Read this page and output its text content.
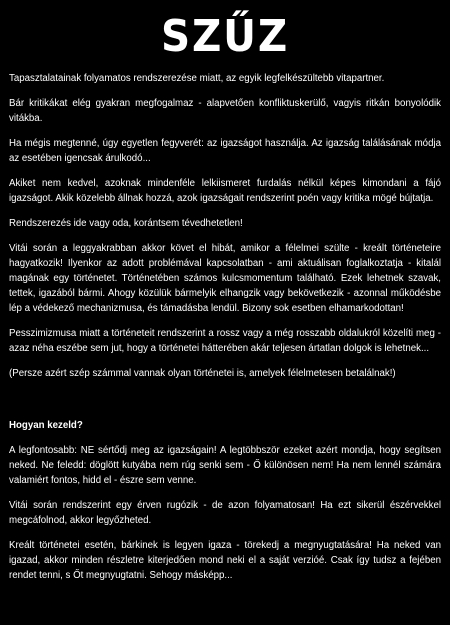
SZŰZ

Tapasztalatainak folyamatos rendszerezése miatt, az egyik legfelkészültebb vitapartner.

Bár kritikákat elég gyakran megfogalmaz - alapvetően konfliktuskerülő, vagyis ritkán bonyolódik vitákba.

Ha mégis megtenné, úgy egyetlen fegyverét: az igazságot használja. Az igazság találásának módja az esetében igencsak árulkodó...

Akiket nem kedvel, azoknak mindenféle lelkiismeret furdalás nélkül képes kimondani a fájó igazságot. Akik közelebb állnak hozzá, azok igazságait rendszerint poén vagy kritika mögé bújtatja.

Rendszerezés ide vagy oda, korántsem tévedhetetlen!

Vitái során a leggyakrabban akkor követ el hibát, amikor a félelmei szülte - kreált történeteire hagyatkozik! Ilyenkor az adott problémával kapcsolatban - ami aktuálisan foglalkoztatja - kitalál magának egy történetet. Történetében számos kulcsmomentum található. Ezek lehetnek szavak, tettek, igazából bármi. Ahogy közülük bármelyik elhangzik vagy bekövetkezik - azonnal működésbe lép a védekező mechanizmusa, és támadásba lendül. Bizony sok esetben elhamarkodottan!

Pesszimizmusa miatt a történeteit rendszerint a rossz vagy a még rosszabb oldalukról közelíti meg - azaz néha eszébe sem jut, hogy a történetei hátterében akár teljesen ártatlan dolgok is lehetnek...

(Persze azért szép számmal vannak olyan történetei is, amelyek félelmetesen betalálnak!)

Hogyan kezeld?

A legfontosabb: NE sértődj meg az igazságain! A legtöbbször ezeket azért mondja, hogy segítsen neked. Ne feledd: döglött kutyába nem rúg senki sem - Ő különösen nem! Ha nem lennél számára valamiért fontos, hidd el - észre sem venne.

Vitái során rendszerint egy érven rugózik - de azon folyamatosan! Ha ezt sikerül észérvekkel megcáfolnod, akkor legyőzheted.

Kreált történetei esetén, bárkinek is legyen igaza - törekedj a megnyugtatására! Ha neked van igazad, akkor minden részletre kiterjedően mond neki el a saját verzióé. Csak így tudsz a fejében rendet tenni, s Őt megnyugtatni. Sehogy másképp...
